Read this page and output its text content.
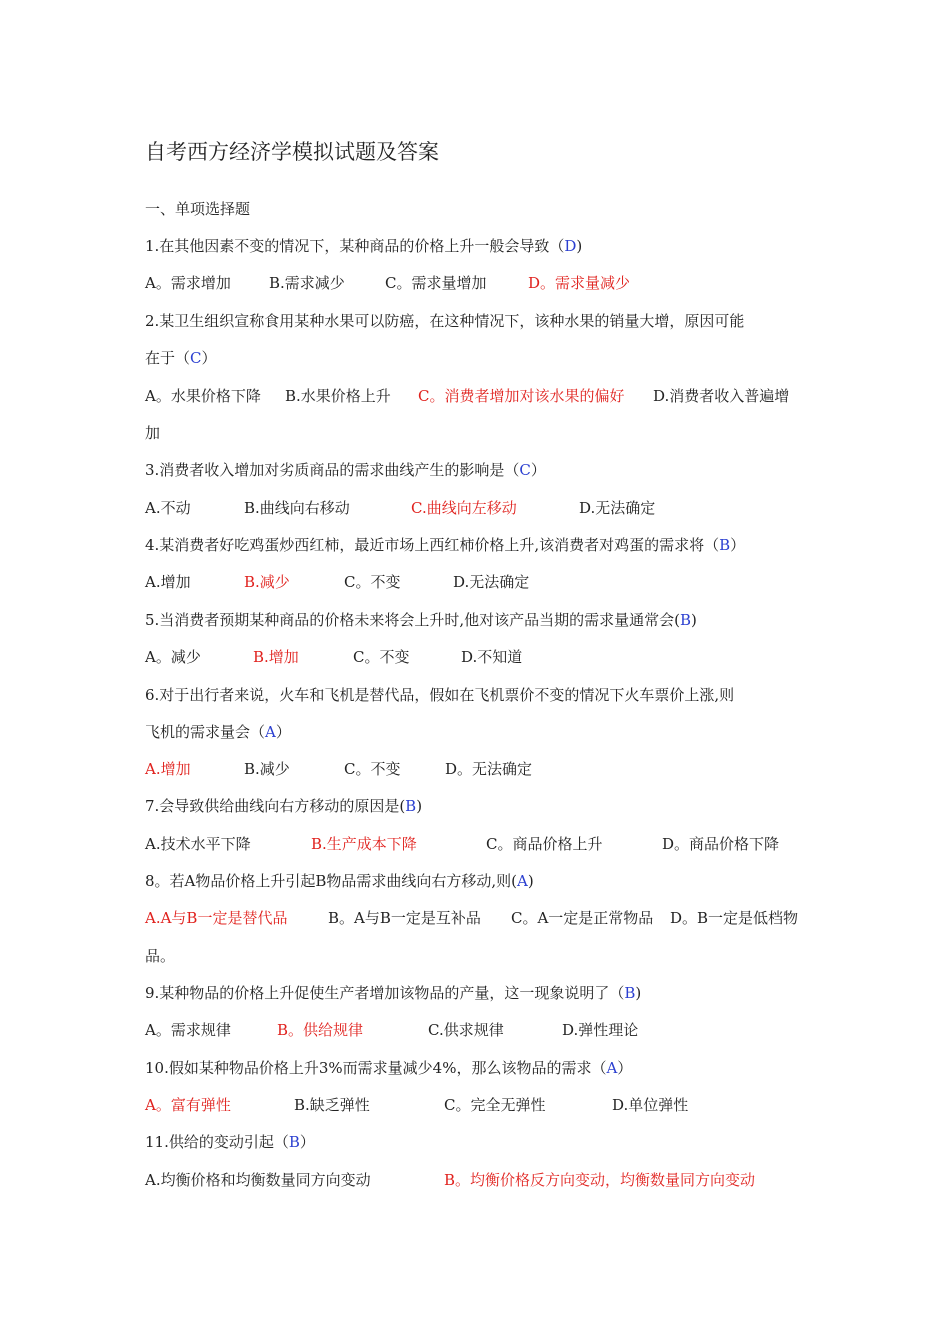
自考西方经济学模拟试题及答案
一、单项选择题
1.在其他因素不变的情况下，某种商品的价格上升一般会导致（D)
A。需求增加	B.需求减少	C。需求量增加	D。需求量减少
2.某卫生组织宣称食用某种水果可以防癌，在这种情况下，该种水果的销量大增，原因可能
在于（C）
A。水果价格下降 B.水果价格上升 C。消费者增加对该水果的偏好 D.消费者收入普遍增
加
3.消费者收入增加对劣质商品的需求曲线产生的影响是（C）
A.不动	B.曲线向右移动	C.曲线向左移动	D.无法确定
4.某消费者好吃鸡蛋炒西红柿，最近市场上西红柿价格上升,该消费者对鸡蛋的需求将（B）
A.增加	B.减少	C。不变	D.无法确定
5.当消费者预期某种商品的价格未来将会上升时,他对该产品当期的需求量通常会(B)
A。减少	B.增加	C。不变	D.不知道
6.对于出行者来说，火车和飞机是替代品，假如在飞机票价不变的情况下火车票价上涨,则
飞机的需求量会（A）
A.增加	B.减少	C。不变	D。无法确定
7.会导致供给曲线向右方移动的原因是(B)
A.技术水平下降	B.生产成本下降	C。商品价格上升	D。商品价格下降
8。若A物品价格上升引起B物品需求曲线向右方移动,则(A)
A.A与B一定是替代品	B。A与B一定是互补品 C。A一定是正常物品 D。B一定是低档物
品。
9.某种物品的价格上升促使生产者增加该物品的产量，这一现象说明了（B)
A。需求规律	B。供给规律	C.供求规律	D.弹性理论
10.假如某种物品价格上升3%而需求量减少4%，那么该物品的需求（A）
A。富有弹性	B.缺乏弹性	C。完全无弹性	D.单位弹性
11.供给的变动引起（B）
A.均衡价格和均衡数量同方向变动	B。均衡价格反方向变动，均衡数量同方向变动
